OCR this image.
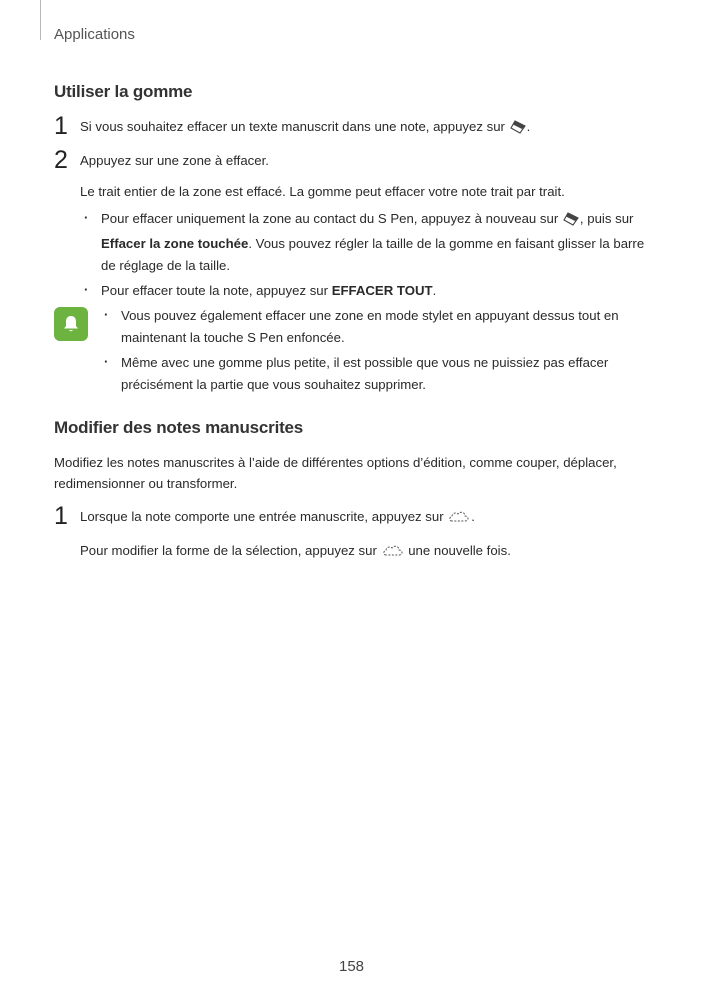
Applications
Utiliser la gomme
1 Si vous souhaitez effacer un texte manuscrit dans une note, appuyez sur .
2 Appuyez sur une zone à effacer.
Le trait entier de la zone est effacé. La gomme peut effacer votre note trait par trait.
· Pour effacer uniquement la zone au contact du S Pen, appuyez à nouveau sur , puis sur Effacer la zone touchée. Vous pouvez régler la taille de la gomme en faisant glisser la barre de réglage de la taille.
· Pour effacer toute la note, appuyez sur EFFACER TOUT.
· Vous pouvez également effacer une zone en mode stylet en appuyant dessus tout en maintenant la touche S Pen enfoncée.
· Même avec une gomme plus petite, il est possible que vous ne puissiez pas effacer précisément la partie que vous souhaitez supprimer.
Modifier des notes manuscrites
Modifiez les notes manuscrites à l’aide de différentes options d’édition, comme couper, déplacer, redimensionner ou transformer.
1 Lorsque la note comporte une entrée manuscrite, appuyez sur .
Pour modifier la forme de la sélection, appuyez sur une nouvelle fois.
158
